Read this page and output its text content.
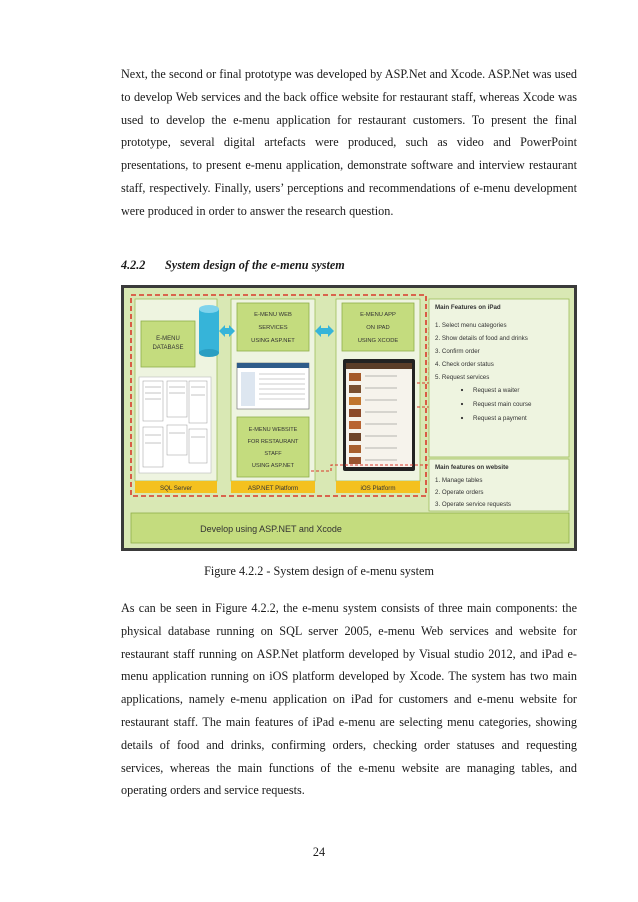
Next, the second or final prototype was developed by ASP.Net and Xcode. ASP.Net was used to develop Web services and the back office website for restaurant staff, whereas Xcode was used to develop the e-menu application for restaurant customers. To present the final prototype, several digital artefacts were produced, such as video and PowerPoint presentations, to present e-menu application, demonstrate software and interview restaurant staff, respectively. Finally, users’ perceptions and recommendations of e-menu development were produced in order to answer the research question.

4.2.2 System design of the e-menu system

E-MENU
DATABASE
E-MENU WEB
SERVICES
USING ASP.NET
E-MENU APP
ON IPAD
USING XCODE
E-MENU WEBSITE
FOR RESTAURANT
STAFF
USING ASP.NET
SQL Server	ASP.NET Platform	iOS Platform
Main Features on iPad
1. Select menu categories
2. Show details of food and drinks
3. Confirm order
4. Check order status
5. Request services
Request a waiter
Request main course
Request a payment
Main features on website
1. Manage tables
2. Operate orders
3. Operate service requests
Develop using ASP.NET and Xcode

Figure 4.2.2 - System design of e-menu system

As can be seen in Figure 4.2.2, the e-menu system consists of three main components: the physical database running on SQL server 2005, e-menu Web services and website for restaurant staff running on ASP.Net platform developed by Visual studio 2012, and iPad e-menu application running on iOS platform developed by Xcode. The system has two main applications, namely e-menu application on iPad for customers and e-menu website for restaurant staff. The main features of iPad e-menu are selecting menu categories, showing details of food and drinks, confirming orders, checking order statuses and requesting services, whereas the main functions of the e-menu website are managing tables, and operating orders and service requests.

24
